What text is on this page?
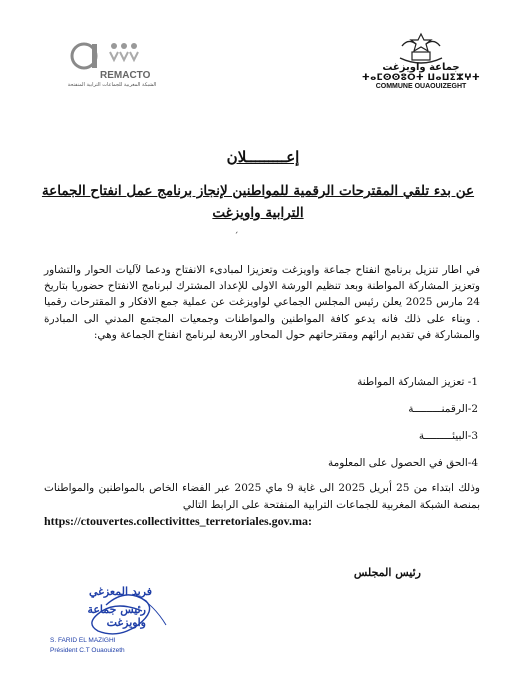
REMACTO
الشبكة المغربية للجماعات الترابية المنفتحة
جماعة واويزغت
ⵜⴰⵎⵙⵙⵓⵔⵜ ⵡⴰⵡⵉⵣⵖⵜ
COMMUNE OUAOUIZEGHT
إعـــــــــلان
عن بدء تلقي المقترحات الرقمية للمواطنين لإنجاز برنامج عمل انفتاح الجماعة الترابية واويزغت
ˊ
في اطار تنزيل برنامج انفتاح جماعة واويزغت وتعزيزا لمبادىء الانفتاح ودعما لآليات الحوار والتشاور وتعزيز المشاركة المواطنة وبعد تنظيم الورشة الاولى للإعداد المشترك لبرنامج الانفتاح حضوريا بتاريخ 24 مارس 2025 يعلن رئيس المجلس الجماعي لواويزغت عن عملية جمع الافكار و المقترحات رقميا . وبناء على ذلك فانه يدعو كافة المواطنين والمواطنات وجمعيات المجتمع المدني الى المبادرة والمشاركة في تقديم ارائهم ومقترحاتهم حول المحاور الاربعة لبرنامج انفتاح الجماعة وهي:
1- تعزيز المشاركة المواطنة
2-الرقمنـــــــــة
3-البيئـــــــــة
4-الحق في الحصول على المعلومة
وذلك ابتداء من 25 أبريل 2025 الى غاية 9 ماي 2025 عبر الفضاء الخاص بالمواطنين والمواطنات بمنصة الشبكة المغربية للجماعات الترابية المنفتحة على الرابط التالي
https://ctouvertes.collectivittes_terretoriales.gov.ma:
رئيس المجلس
فريد المعزغي
رئيس جماعة واويزغت
S. FARID EL MAZIGHI
Président C.T Ouaouizeth
